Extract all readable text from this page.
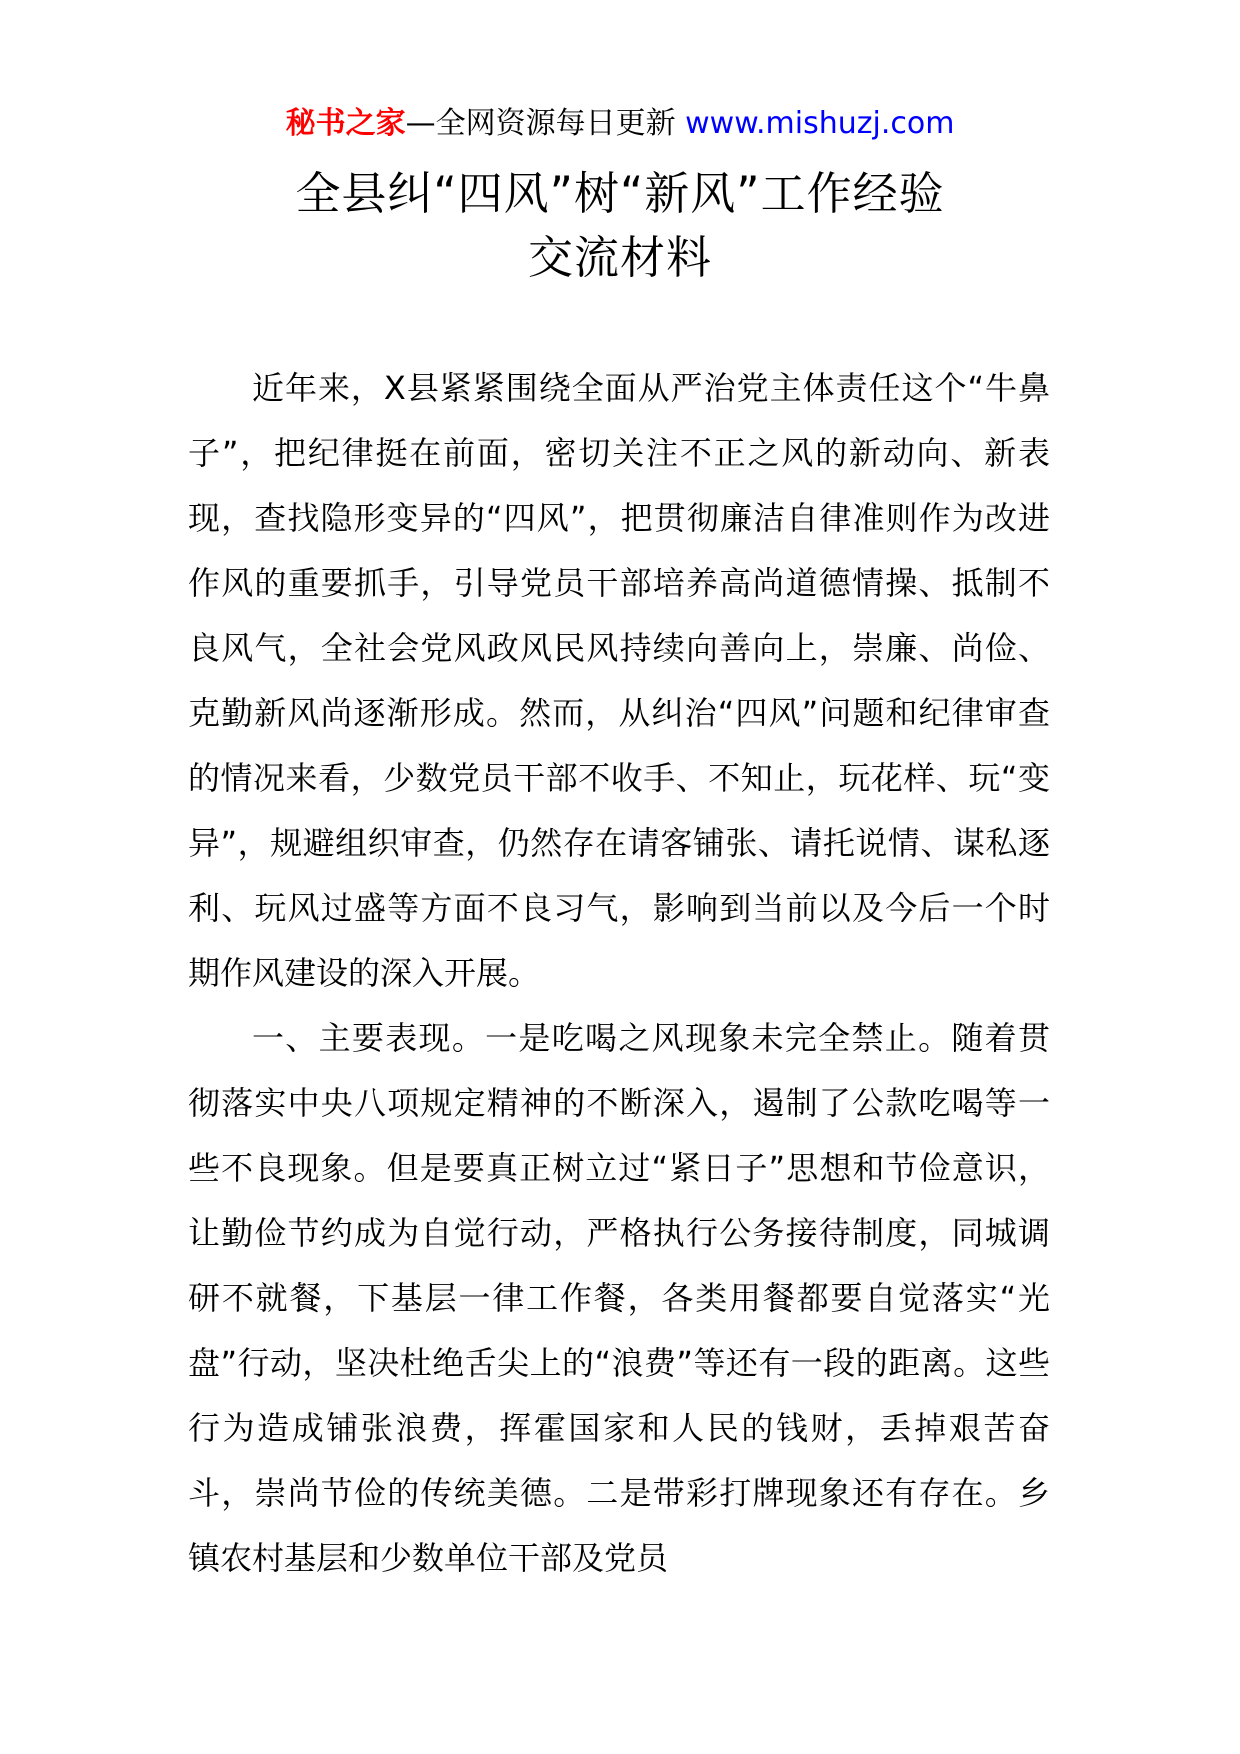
秘书之家—全网资源每日更新 www.mishuzj.com
全县纠“四风”树“新风”工作经验
交流材料

近年来，X县紧紧围绕全面从严治党主体责任这个“牛鼻子”，把纪律挺在前面，密切关注不正之风的新动向、新表现，查找隐形变异的“四风”，把贯彻廉洁自律准则作为改进作风的重要抓手，引导党员干部培养高尚道德情操、抵制不良风气，全社会党风政风民风持续向善向上，崇廉、尚俭、克勤新风尚逐渐形成。然而，从纠治“四风”问题和纪律审查的情况来看，少数党员干部不收手、不知止，玩花样、玩“变异”，规避组织审查，仍然存在请客铺张、请托说情、谋私逐利、玩风过盛等方面不良习气，影响到当前以及今后一个时期作风建设的深入开展。

一、主要表现。一是吃喝之风现象未完全禁止。随着贯彻落实中央八项规定精神的不断深入，遏制了公款吃喝等一些不良现象。但是要真正树立过“紧日子”思想和节俭意识，让勤俭节约成为自觉行动，严格执行公务接待制度，同城调研不就餐，下基层一律工作餐，各类用餐都要自觉落实“光盘”行动，坚决杜绝舌尖上的“浪费”等还有一段的距离。这些行为造成铺张浪费，挥霍国家和人民的钱财，丢掉艰苦奋斗，崇尚节俭的传统美德。二是带彩打牌现象还有存在。乡镇农村基层和少数单位干部及党员
